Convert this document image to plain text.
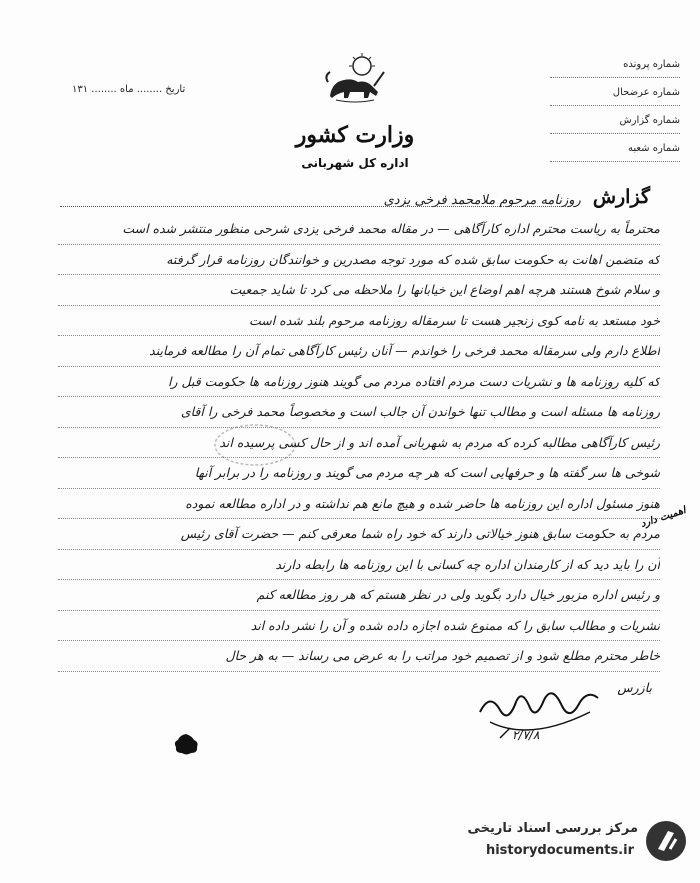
شماره پرونده
شماره عرضحال
شماره گزارش
شماره شعبه
تاریخ ........ ماه ........ ۱۳۱
وزارت کشور
اداره کل شهربانی
گزارش
روزنامه مرحوم ملامحمد فرخی یزدی
محترماً به ریاست محترم اداره کارآگاهی — در مقاله محمد فرخی یزدی شرحی منظور منتشر شده است
که متضمن اهانت به حکومت سابق شده که مورد توجه مصدرین و خوانندگان روزنامه قرار گرفته
و سلام شوخ هستند هرچه اهم اوضاع این خیابانها را ملاحظه می کرد تا شاید جمعیت
خود مستعد به نامه کوی زنجیر هست تا سرمقاله روزنامه مرحوم بلند شده است
اطلاع دارم ولی سرمقاله محمد فرخی را خواندم — آنان رئیس کارآگاهی تمام آن را مطالعه فرمایند
که کلیه روزنامه ها و نشریات دست مردم افتاده مردم می گویند هنوز روزنامه ها حکومت قبل را
روزنامه ها مسئله است و مطالب تنها خواندن آن جالب است و مخصوصاً محمد فرخی را آقای
رئیس کارآگاهی مطالبه کرده که مردم به شهربانی آمده اند و از حال کسی پرسیده اند
شوخی ها سر گفته ها و حرفهایی است که هر چه مردم می گویند و روزنامه را در برابر آنها
هنوز مسئول اداره این روزنامه ها حاضر شده و هیچ مانع هم نداشته و در اداره مطالعه نموده
مردم به حکومت سابق هنوز خیالاتی دارند که خود راه شما معرفی کنم — حضرت آقای رئیس
آن را باید دید که از کارمندان اداره چه کسانی با این روزنامه ها رابطه دارند
و رئیس اداره مزبور خیال دارد بگوید ولی در نظر هستم که هر روز مطالعه کنم
نشریات و مطالب سابق را که ممنوع شده اجازه داده شده و آن را نشر داده اند
خاطر محترم مطلع شود و از تصمیم خود مراتب را به عرض می رساند — به هر حال
اهمیت دارد
بازرس
۲/۷/۸
مرکز بررسی اسناد تاریخی
historydocuments.ir
